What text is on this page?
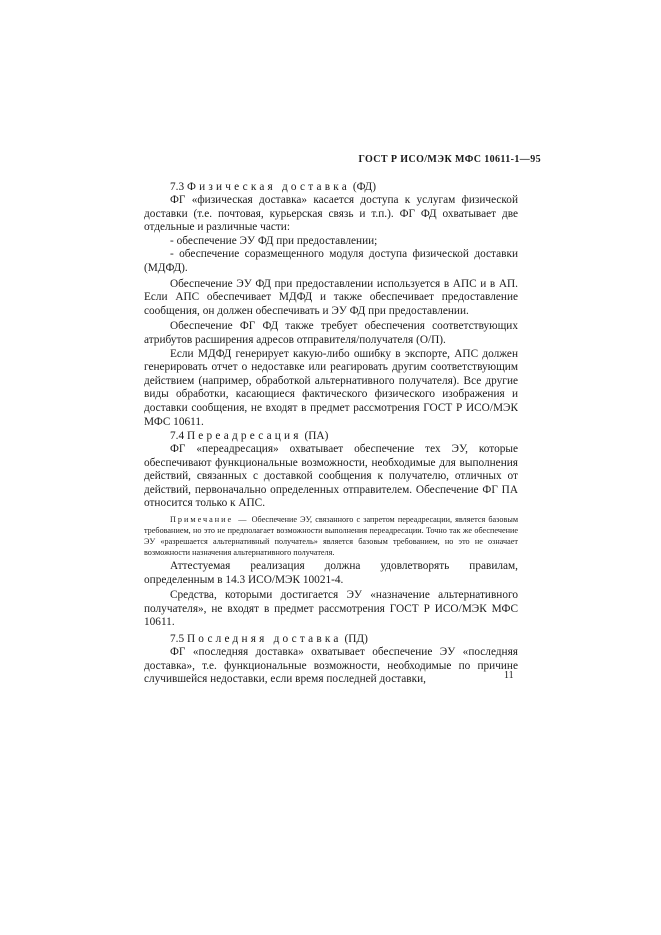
ГОСТ Р ИСО/МЭК МФС 10611-1—95
7.3 Физическая доставка (ФД)

ФГ «физическая доставка» касается доступа к услугам физической доставки (т.е. почтовая, курьерская связь и т.п.). ФГ ФД охватывает две отдельные и различные части:

- обеспечение ЭУ ФД при предоставлении;

- обеспечение соразмещенного модуля доступа физической доставки (МДФД).

Обеспечение ЭУ ФД при предоставлении используется в АПС и в АП. Если АПС обеспечивает МДФД и также обеспечивает предоставление сообщения, он должен обеспечивать и ЭУ ФД при предоставлении.

Обеспечение ФГ ФД также требует обеспечения соответствующих атрибутов расширения адресов отправителя/получателя (О/П).

Если МДФД генерирует какую-либо ошибку в экспорте, АПС должен генерировать отчет о недоставке или реагировать другим соответствующим действием (например, обработкой альтернативного получателя). Все другие виды обработки, касающиеся фактического физического изображения и доставки сообщения, не входят в предмет рассмотрения ГОСТ Р ИСО/МЭК МФС 10611.

7.4 Переадресация (ПА)

ФГ «переадресация» охватывает обеспечение тех ЭУ, которые обеспечивают функциональные возможности, необходимые для выполнения действий, связанных с доставкой сообщения к получателю, отличных от действий, первоначально определенных отправителем. Обеспечение ФГ ПА относится только к АПС.

Примечание — Обеспечение ЭУ, связанного с запретом переадресации, является базовым требованием, но это не предполагает возможности выполнения переадресации. Точно так же обеспечение ЭУ «разрешается альтернативный получатель» является базовым требованием, но это не означает возможности назначения альтернативного получателя.

Аттестуемая реализация должна удовлетворять правилам, определенным в 14.3 ИСО/МЭК 10021-4.

Средства, которыми достигается ЭУ «назначение альтернативного получателя», не входят в предмет рассмотрения ГОСТ Р ИСО/МЭК МФС 10611.

7.5 Последняя доставка (ПД)

ФГ «последняя доставка» охватывает обеспечение ЭУ «последняя доставка», т.е. функциональные возможности, необходимые по причине случившейся недоставки, если время последней доставки,	11
